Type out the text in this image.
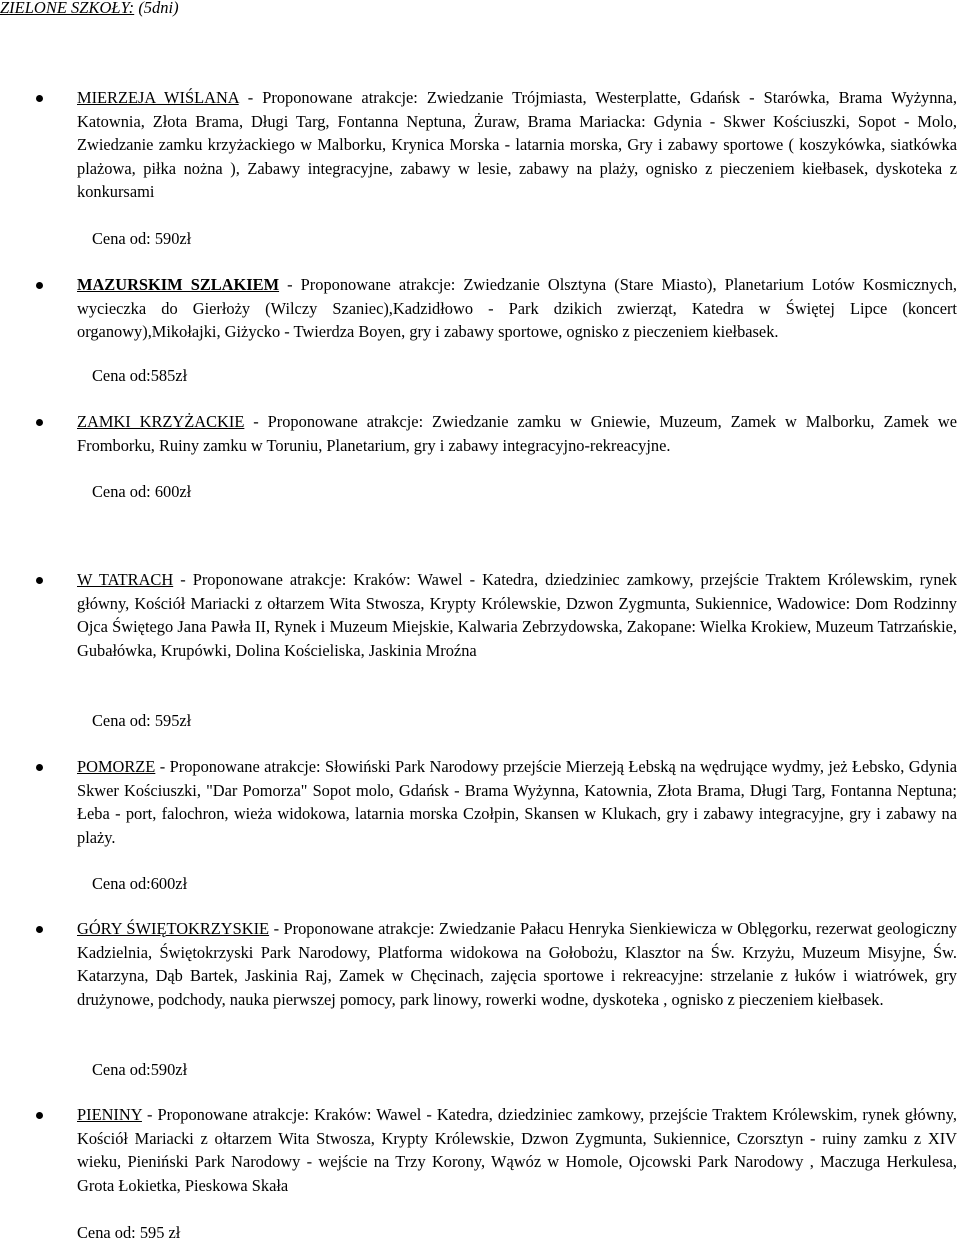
ZIELONE SZKOŁY: (5dni)
MIERZEJA WIŚLANA - Proponowane atrakcje: Zwiedzanie Trójmiasta, Westerplatte, Gdańsk - Starówka, Brama Wyżynna, Katownia, Złota Brama, Długi Targ, Fontanna Neptuna, Żuraw, Brama Mariacka: Gdynia - Skwer Kościuszki, Sopot - Molo, Zwiedzanie zamku krzyżackiego w Malborku, Krynica Morska - latarnia morska, Gry i zabawy sportowe ( koszykówka, siatkówka plażowa, piłka nożna ), Zabawy integracyjne, zabawy w lesie, zabawy na plaży, ognisko z pieczeniem kiełbasek, dyskoteka z konkursami
Cena od: 590zł
MAZURSKIM SZLAKIEM - Proponowane atrakcje: Zwiedzanie Olsztyna (Stare Miasto), Planetarium Lotów Kosmicznych, wycieczka do Gierłoży (Wilczy Szaniec),Kadzidłowo - Park dzikich zwierząt, Katedra w Świętej Lipce (koncert organowy),Mikołajki, Giżycko - Twierdza Boyen, gry i zabawy sportowe, ognisko z pieczeniem kiełbasek.
Cena od:585zł
ZAMKI KRZYŻACKIE - Proponowane atrakcje: Zwiedzanie zamku w Gniewie, Muzeum, Zamek w Malborku, Zamek we Fromborku, Ruiny zamku w Toruniu, Planetarium, gry i zabawy integracyjno-rekreacyjne.
Cena od: 600zł
W TATRACH - Proponowane atrakcje: Kraków: Wawel - Katedra, dziedziniec zamkowy, przejście Traktem Królewskim, rynek główny, Kościół Mariacki z ołtarzem Wita Stwosza, Krypty Królewskie, Dzwon Zygmunta, Sukiennice, Wadowice: Dom Rodzinny Ojca Świętego Jana Pawła II, Rynek i Muzeum Miejskie, Kalwaria Zebrzydowska, Zakopane: Wielka Krokiew, Muzeum Tatrzańskie, Gubałówka, Krupówki, Dolina Kościeliska, Jaskinia Mroźna
Cena od: 595zł
POMORZE - Proponowane atrakcje: Słowiński Park Narodowy przejście Mierzeją Łebską na wędrujące wydmy, jeż Łebsko, Gdynia Skwer Kościuszki, "Dar Pomorza" Sopot molo, Gdańsk - Brama Wyżynna, Katownia, Złota Brama, Długi Targ, Fontanna Neptuna; Łeba - port, falochron, wieża widokowa, latarnia morska Czołpin, Skansen w Klukach, gry i zabawy integracyjne, gry i zabawy na plaży.
Cena od:600zł
GÓRY ŚWIĘTOKRZYSKIE - Proponowane atrakcje: Zwiedzanie Pałacu Henryka Sienkiewicza w Oblęgorku, rezerwat geologiczny Kadzielnia, Świętokrzyski Park Narodowy, Platforma widokowa na Gołobożu, Klasztor na Św. Krzyżu, Muzeum Misyjne, Św. Katarzyna, Dąb Bartek, Jaskinia Raj, Zamek w Chęcinach, zajęcia sportowe i rekreacyjne: strzelanie z łuków i wiatrówek, gry drużynowe, podchody, nauka pierwszej pomocy, park linowy, rowerki wodne, dyskoteka , ognisko z pieczeniem kiełbasek.
Cena od:590zł
PIENINY - Proponowane atrakcje: Kraków: Wawel - Katedra, dziedziniec zamkowy, przejście Traktem Królewskim, rynek główny, Kościół Mariacki z ołtarzem Wita Stwosza, Krypty Królewskie, Dzwon Zygmunta, Sukiennice, Czorsztyn - ruiny zamku z XIV wieku, Pieniński Park Narodowy - wejście na Trzy Korony, Wąwóz w Homole, Ojcowski Park Narodowy , Maczuga Herkulesa, Grota Łokietka, Pieskowa Skała
Cena od: 595 zł
